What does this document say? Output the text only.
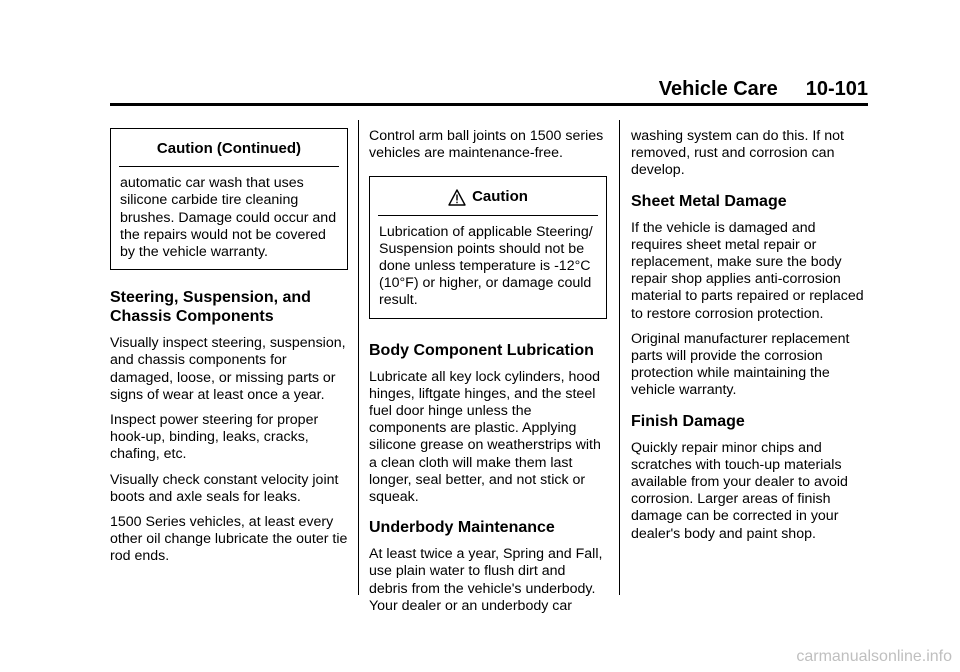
Vehicle Care 10-101
Caution (Continued)
automatic car wash that uses silicone carbide tire cleaning brushes. Damage could occur and the repairs would not be covered by the vehicle warranty.
Steering, Suspension, and Chassis Components

Visually inspect steering, suspension, and chassis components for damaged, loose, or missing parts or signs of wear at least once a year.

Inspect power steering for proper hook-up, binding, leaks, cracks, chafing, etc.

Visually check constant velocity joint boots and axle seals for leaks.

1500 Series vehicles, at least every other oil change lubricate the outer tie rod ends.

Control arm ball joints on 1500 series vehicles are maintenance-free.

Caution
Lubrication of applicable Steering/ Suspension points should not be done unless temperature is -12°C (10°F) or higher, or damage could result.
Body Component Lubrication

Lubricate all key lock cylinders, hood hinges, liftgate hinges, and the steel fuel door hinge unless the components are plastic. Applying silicone grease on weatherstrips with a clean cloth will make them last longer, seal better, and not stick or squeak.

Underbody Maintenance

At least twice a year, Spring and Fall, use plain water to flush dirt and debris from the vehicle's underbody. Your dealer or an underbody car

washing system can do this. If not removed, rust and corrosion can develop.

Sheet Metal Damage

If the vehicle is damaged and requires sheet metal repair or replacement, make sure the body repair shop applies anti-corrosion material to parts repaired or replaced to restore corrosion protection.

Original manufacturer replacement parts will provide the corrosion protection while maintaining the vehicle warranty.

Finish Damage

Quickly repair minor chips and scratches with touch-up materials available from your dealer to avoid corrosion. Larger areas of finish damage can be corrected in your dealer's body and paint shop.

carmanualsonline.info
